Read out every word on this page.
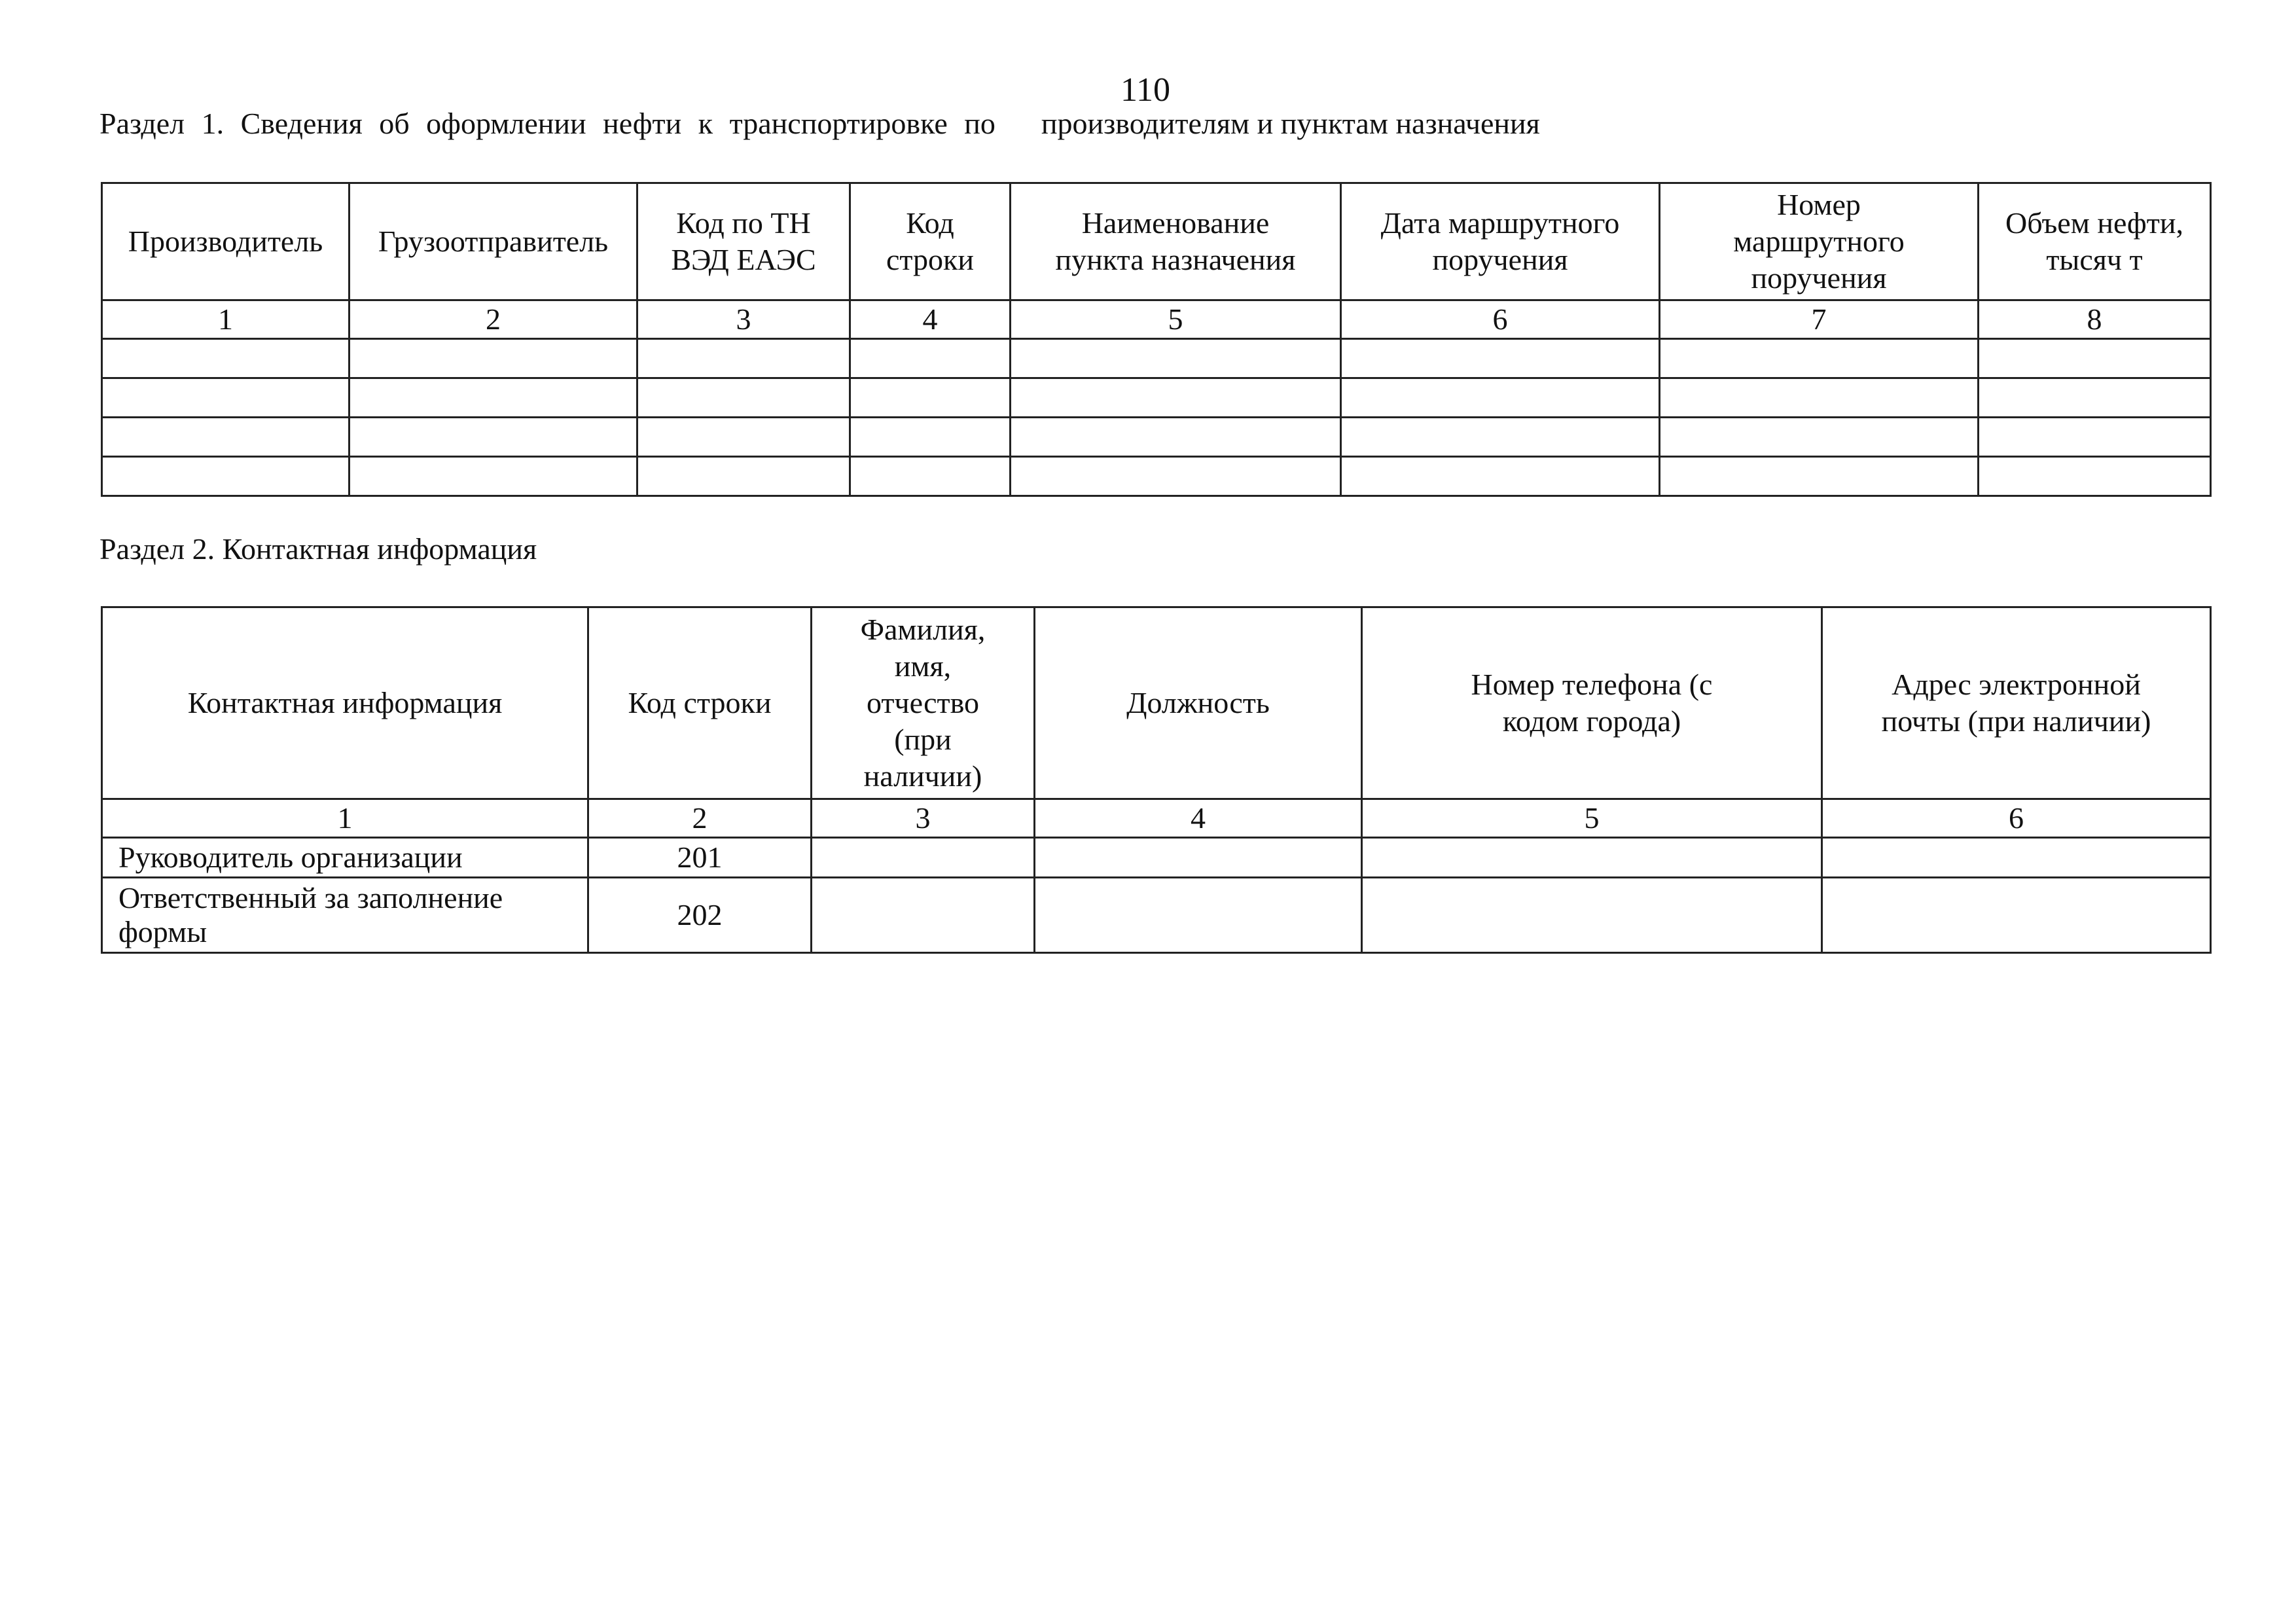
110
Раздел 1. Сведения об оформлении нефти к транспортировке по производителям и пунктам назначения
Производитель	Грузоотправитель	Код по ТН ВЭД ЕАЭС	Код строки	Наименование пункта назначения	Дата маршрутного поручения	Номер маршрутного поручения	Объем нефти, тысяч т
1	2	3	4	5	6	7	8

Раздел 2. Контактная информация
Контактная информация	Код строки	Фамилия, имя, отчество (при наличии)	Должность	Номер телефона (с кодом города)	Адрес электронной почты (при наличии)
1	2	3	4	5	6
Руководитель организации	201				
Ответственный за заполнение формы	202				
